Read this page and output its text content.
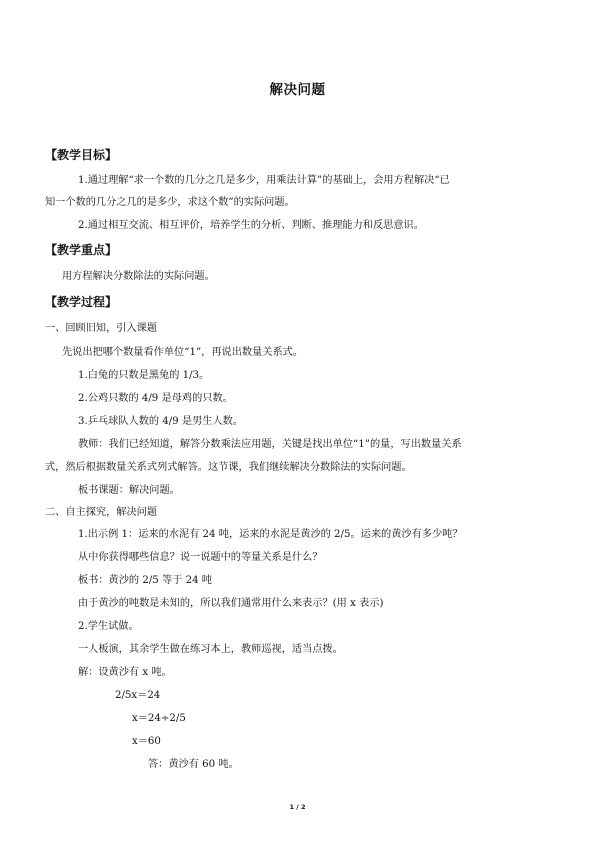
解决问题
【教学目标】
1.通过理解“求一个数的几分之几是多少，用乘法计算”的基础上，会用方程解决“已
知一个数的几分之几的是多少，求这个数”的实际问题。
2.通过相互交流、相互评价，培养学生的分析、判断、推理能力和反思意识。
【教学重点】
用方程解决分数除法的实际问题。
【教学过程】
一、回顾旧知，引入课题
先说出把哪个数量看作单位“1”，再说出数量关系式。
1.白兔的只数是黑兔的 1/3。
2.公鸡只数的 4/9 是母鸡的只数。
3.乒乓球队人数的 4/9 是男生人数。
教师：我们已经知道，解答分数乘法应用题，关键是找出单位“1”的量，写出数量关系
式，然后根据数量关系式列式解答。这节课，我们继续解决分数除法的实际问题。
板书课题：解决问题。
二、自主探究，解决问题
1.出示例 1：运来的水泥有 24 吨，运来的水泥是黄沙的 2/5。运来的黄沙有多少吨？
从中你获得哪些信息？说一说题中的等量关系是什么？
板书：黄沙的 2/5 等于 24 吨
由于黄沙的吨数是未知的，所以我们通常用什么来表示？(用 x 表示)
2.学生试做。
一人板演，其余学生做在练习本上，教师巡视，适当点拨。
解：设黄沙有 x 吨。
2/5x＝24
x＝24÷2/5
x＝60
答：黄沙有 60 吨。
1 / 2
